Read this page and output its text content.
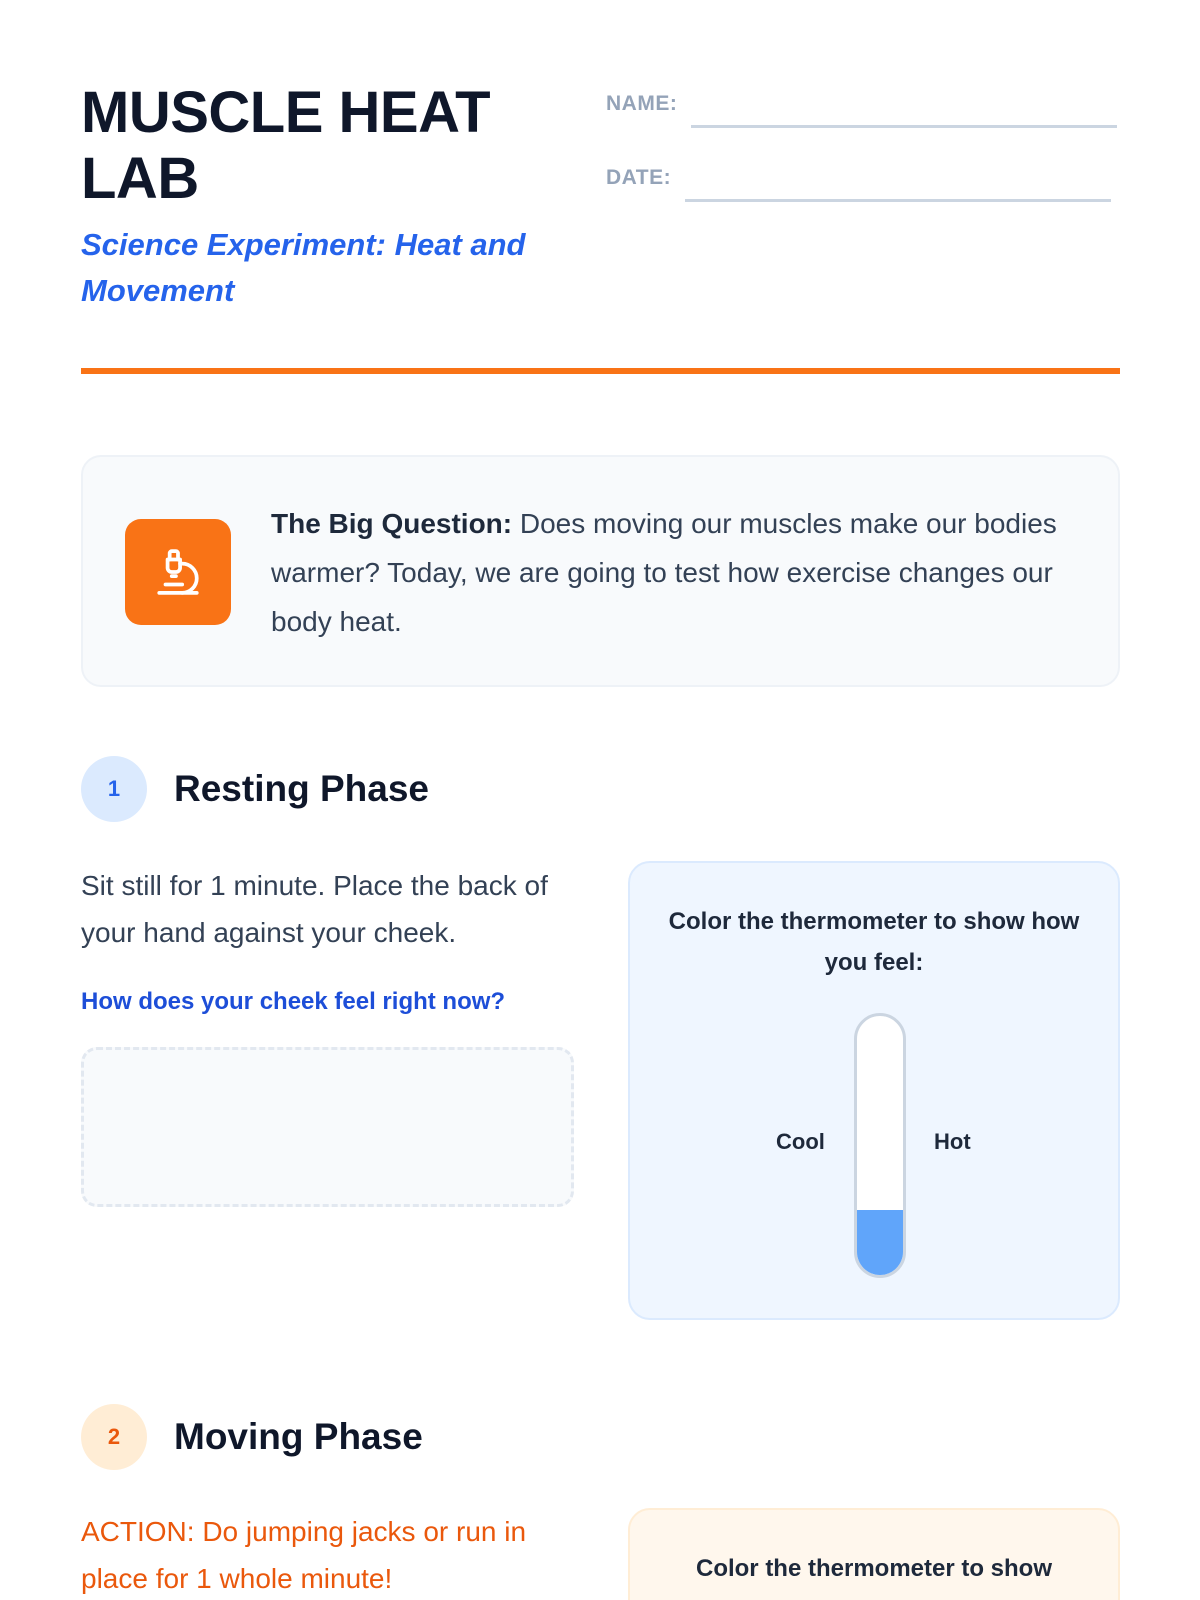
MUSCLE HEAT LAB
Science Experiment: Heat and Movement
NAME:
DATE:
The Big Question: Does moving our muscles make our bodies warmer? Today, we are going to test how exercise changes our body heat.
1	Resting Phase
Sit still for 1 minute. Place the back of your hand against your cheek.
How does your cheek feel right now?
Color the thermometer to show how you feel:
Cool	Hot
2	Moving Phase
ACTION: Do jumping jacks or run in place for 1 whole minute!	Color the thermometer to show
